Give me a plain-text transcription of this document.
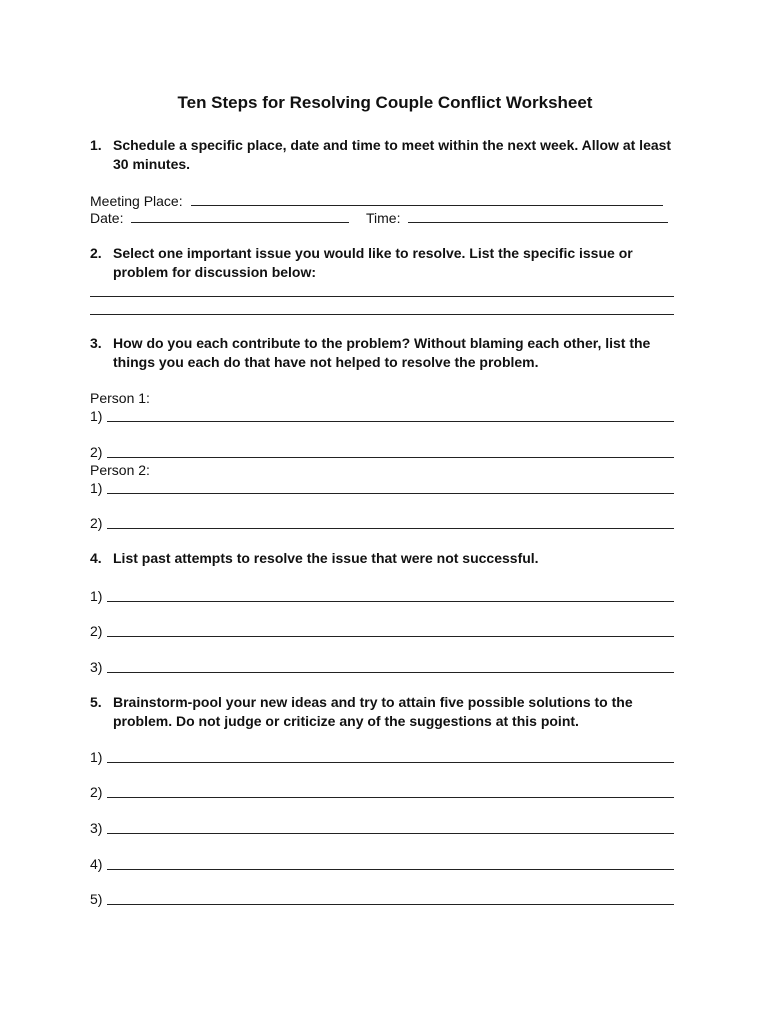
Ten Steps for Resolving Couple Conflict Worksheet
1. Schedule a specific place, date and time to meet within the next week. Allow at least 30 minutes.
Meeting Place:
Date:	Time:
2. Select one important issue you would like to resolve. List the specific issue or problem for discussion below:
3. How do you each contribute to the problem? Without blaming each other, list the things you each do that have not helped to resolve the problem.
Person 1:
1)
2)
Person 2:
1)
2)
4. List past attempts to resolve the issue that were not successful.
1)
2)
3)
5. Brainstorm-pool your new ideas and try to attain five possible solutions to the problem. Do not judge or criticize any of the suggestions at this point.
1)
2)
3)
4)
5)
